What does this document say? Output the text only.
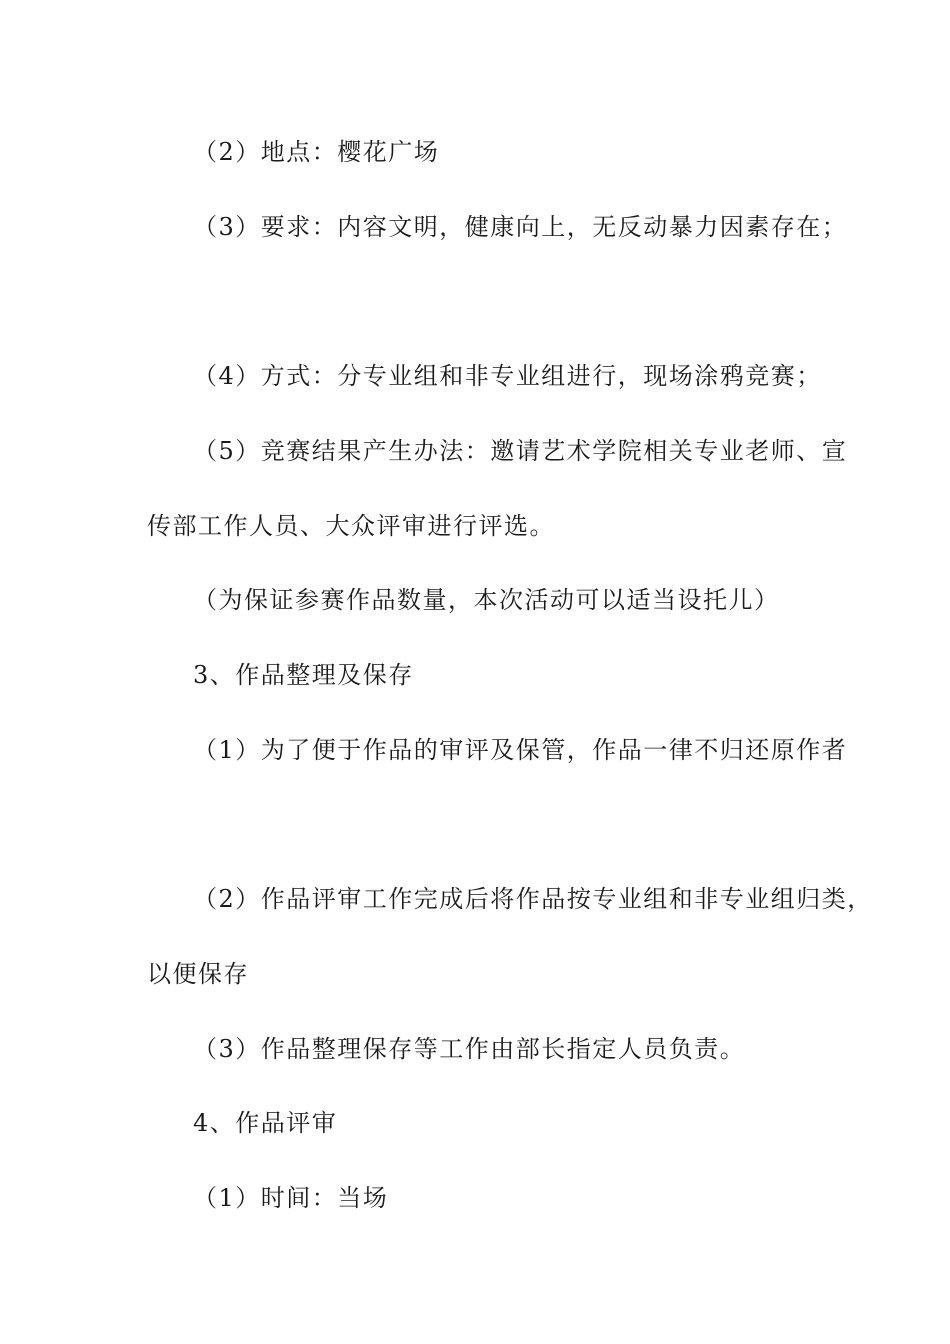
（2）地点：樱花广场
（3）要求：内容文明，健康向上，无反动暴力因素存在；
（4）方式：分专业组和非专业组进行，现场涂鸦竞赛；
（5）竞赛结果产生办法：邀请艺术学院相关专业老师、宣
传部工作人员、大众评审进行评选。
（为保证参赛作品数量，本次活动可以适当设托儿）
3、作品整理及保存
（1）为了便于作品的审评及保管，作品一律不归还原作者
（2）作品评审工作完成后将作品按专业组和非专业组归类，
以便保存
（3）作品整理保存等工作由部长指定人员负责。
4、作品评审
（1）时间：当场
